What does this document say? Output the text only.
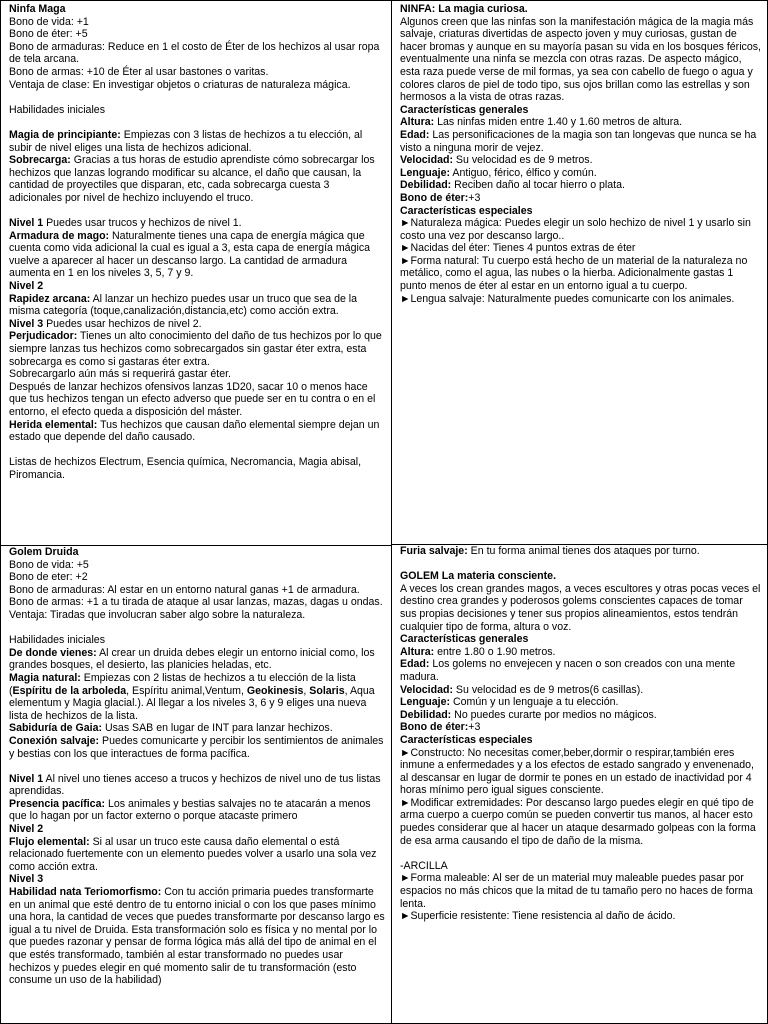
Ninfa Maga

Bono de vida: +1

Bono de éter: +5

Bono de armaduras: Reduce en 1 el costo de Éter de los hechizos al usar ropa de tela arcana.

Bono de armas: +10 de Éter al usar bastones o varitas.

Ventaja de clase: En investigar objetos o criaturas de naturaleza mágica.

Habilidades iniciales

Magia de principiante: Empiezas con 3 listas de hechizos a tu elección, al subir de nivel eliges una lista de hechizos adicional.

Sobrecarga: Gracias a tus horas de estudio aprendiste cómo sobrecargar los hechizos que lanzas logrando modificar su alcance, el daño que causan, la cantidad de proyectiles que disparan, etc, cada sobrecarga cuesta 3 adicionales por nivel de hechizo incluyendo el truco.

Nivel 1 Puedes usar trucos y hechizos de nivel 1.

Armadura de mago: Naturalmente tienes una capa de energía mágica que cuenta como vida adicional la cual es igual a 3, esta capa de energía mágica vuelve a aparecer al hacer un descanso largo. La cantidad de armadura aumenta en 1 en los niveles 3, 5, 7 y 9.

Nivel 2

Rapidez arcana: Al lanzar un hechizo puedes usar un truco que sea de la misma categoría (toque,canalización,distancia,etc) como acción extra.

Nivel 3 Puedes usar hechizos de nivel 2.

Perjudicador: Tienes un alto conocimiento del daño de tus hechizos por lo que siempre lanzas tus hechizos como sobrecargados sin gastar éter extra, esta sobrecarga es como si gastaras éter extra.

Sobrecargarlo aún más si requerirá gastar éter.

Después de lanzar hechizos ofensivos lanzas 1D20, sacar 10 o menos hace que tus hechizos tengan un efecto adverso que puede ser en tu contra o en el entorno, el efecto queda a disposición del máster.

Herida elemental: Tus hechizos que causan daño elemental siempre dejan un estado que depende del daño causado.

Listas de hechizos Electrum, Esencia química, Necromancia, Magia abisal, Piromancia.

NINFA: La magia curiosa.

Algunos creen que las ninfas son la manifestación mágica de la magia más salvaje, criaturas divertidas de aspecto joven y muy curiosas, gustan de hacer bromas y aunque en su mayoría pasan su vida en los bosques féricos, eventualmente una ninfa se mezcla con otras razas. De aspecto mágico, esta raza puede verse de mil formas, ya sea con cabello de fuego o agua y colores claros de piel de todo tipo, sus ojos brillan como las estrellas y son hermosos a la vista de otras razas.

Características generales

Altura: Las ninfas miden entre 1.40 y 1.60 metros de altura.

Edad: Las personificaciones de la magia son tan longevas que nunca se ha visto a ninguna morir de vejez.

Velocidad: Su velocidad es de 9 metros.

Lenguaje: Antiguo, férico, élfico y común.

Debilidad: Reciben daño al tocar hierro o plata.

Bono de éter:+3

Características especiales

►Naturaleza mágica: Puedes elegir un solo hechizo de nivel 1 y usarlo sin costo una vez por descanso largo..

►Nacidas del éter: Tienes 4 puntos extras de éter

►Forma natural: Tu cuerpo está hecho de un material de la naturaleza no metálico, como el agua, las nubes o la hierba. Adicionalmente gastas 1 punto menos de éter al estar en un entorno igual a tu cuerpo.

►Lengua salvaje: Naturalmente puedes comunicarte con los animales.

Golem Druida

Bono de vida: +5

Bono de eter: +2

Bono de armaduras: Al estar en un entorno natural ganas +1 de armadura.

Bono de armas: +1 a tu tirada de ataque al usar lanzas, mazas, dagas u ondas.

Ventaja: Tiradas que involucran saber algo sobre la naturaleza.

Habilidades iniciales

De donde vienes: Al crear un druida debes elegir un entorno inicial como, los grandes bosques, el desierto, las planicies heladas, etc.

Magia natural: Empiezas con 2 listas de hechizos a tu elección de la lista (Espíritu de la arboleda, Espíritu animal,Ventum, Geokinesis, Solaris, Aqua elementum y Magia glacial.). Al llegar a los niveles 3, 6 y 9 eliges una nueva lista de hechizos de la lista.

Sabiduría de Gaia: Usas SAB en lugar de INT para lanzar hechizos.

Conexión salvaje: Puedes comunicarte y percibir los sentimientos de animales y bestias con los que interactues de forma pacífica.

Nivel 1 Al nivel uno tienes acceso a trucos y hechizos de nivel uno de tus listas aprendidas.

Presencia pacífica: Los animales y bestias salvajes no te atacarán a menos que lo hagan por un factor externo o porque atacaste primero

Nivel 2

Flujo elemental: Si al usar un truco este causa daño elemental o está relacionado fuertemente con un elemento puedes volver a usarlo una sola vez como acción extra.

Nivel 3

Habilidad nata Teriomorfismo: Con tu acción primaria puedes transformarte en un animal que esté dentro de tu entorno inicial o con los que pases mínimo una hora, la cantidad de veces que puedes transformarte por descanso largo es igual a tu nivel de Druida. Esta transformación solo es física y no mental por lo que puedes razonar y pensar de forma lógica más allá del tipo de animal en el que estés transformado, también al estar transformado no puedes usar hechizos y puedes elegir en qué momento salir de tu transformación (esto consume un uso de la habilidad)

Furia salvaje: En tu forma animal tienes dos ataques por turno.

GOLEM La materia consciente.

A veces los crean grandes magos, a veces escultores y otras pocas veces el destino crea grandes y poderosos golems conscientes capaces de tomar sus propias decisiones y tener sus propios alineamientos, estos tendrán cualquier tipo de forma, altura o voz.

Características generales

Altura: entre 1.80 o 1.90 metros.

Edad: Los golems no envejecen y nacen o son creados con una mente madura.

Velocidad: Su velocidad es de 9 metros(6 casillas).

Lenguaje: Común y un lenguaje a tu elección.

Debilidad: No puedes curarte por medios no mágicos.

Bono de éter:+3

Características especiales

►Constructo: No necesitas comer,beber,dormir o respirar,también eres inmune a enfermedades y a los efectos de estado sangrado y envenenado, al descansar en lugar de dormir te pones en un estado de inactividad por 4 horas mínimo pero igual sigues consciente.

►Modificar extremidades: Por descanso largo puedes elegir en qué tipo de arma cuerpo a cuerpo común se pueden convertir tus manos, al hacer esto puedes considerar que al hacer un ataque desarmado golpeas con la forma de esa arma causando el tipo de daño de la misma.

-ARCILLA

►Forma maleable: Al ser de un material muy maleable puedes pasar por espacios no más chicos que la mitad de tu tamaño pero no haces de forma lenta.

►Superficie resistente: Tiene resistencia al daño de ácido.
